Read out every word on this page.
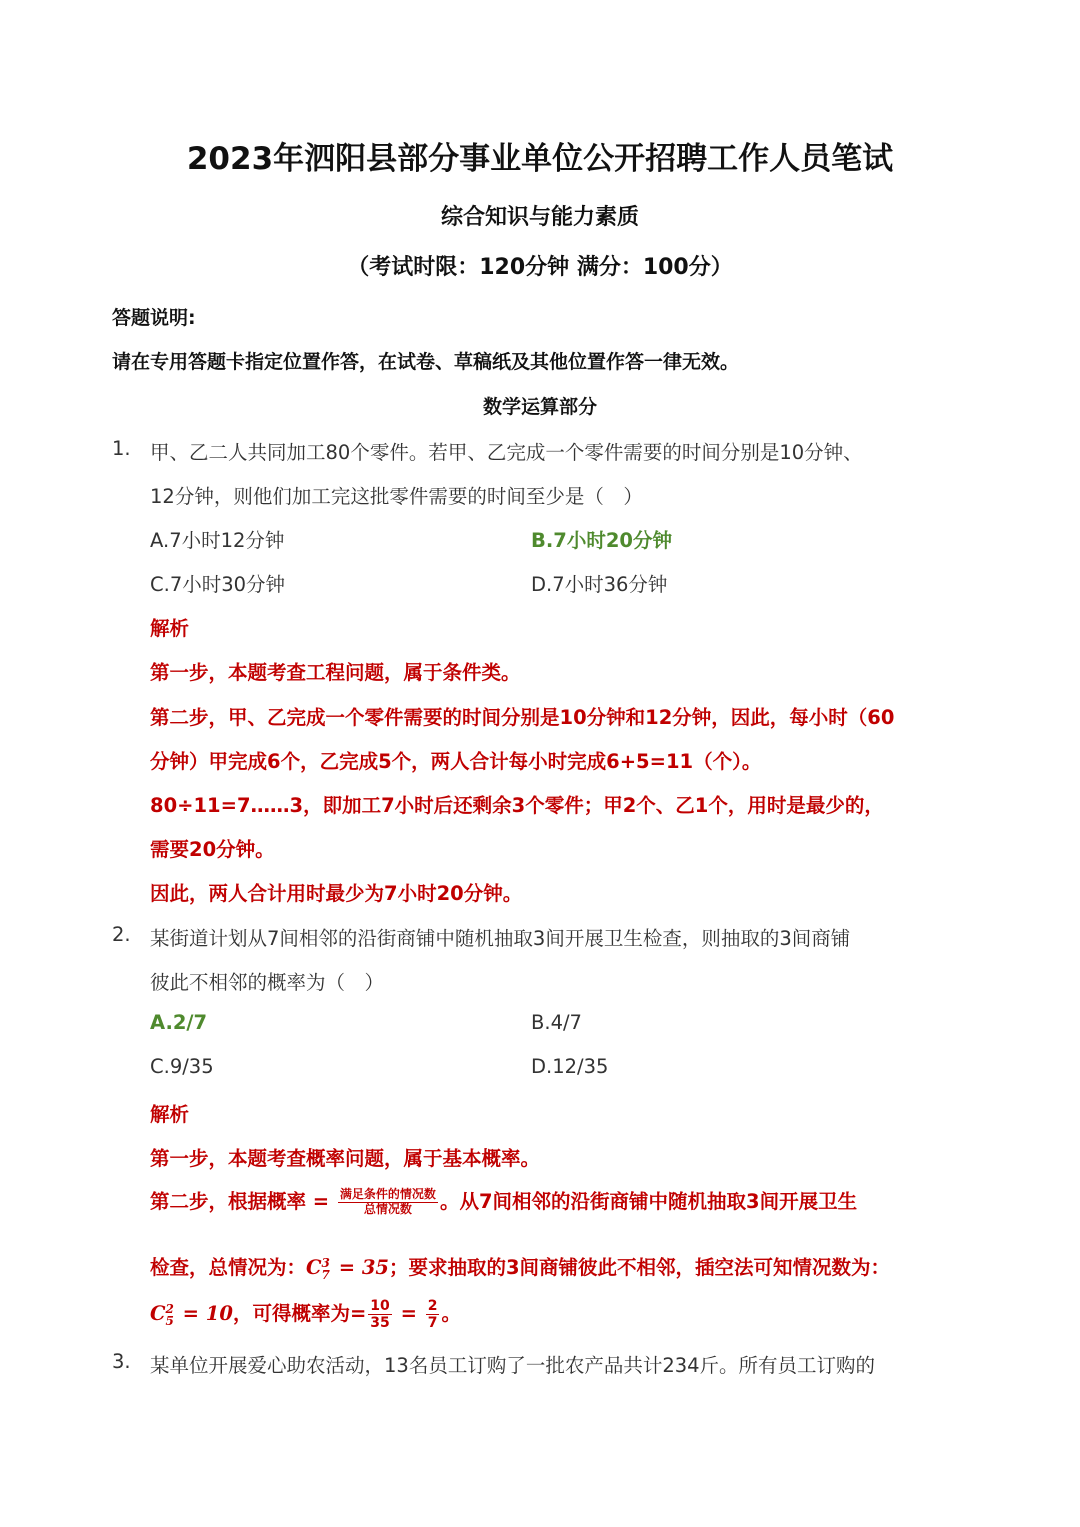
2023年泗阳县部分事业单位公开招聘工作人员笔试
综合知识与能力素质
（考试时限：120分钟 满分：100分）
答题说明:
请在专用答题卡指定位置作答，在试卷、草稿纸及其他位置作答一律无效。
数学运算部分
1. 甲、乙二人共同加工80个零件。若甲、乙完成一个零件需要的时间分别是10分钟、
12分钟，则他们加工完这批零件需要的时间至少是（　）
A.7小时12分钟	B.7小时20分钟
C.7小时30分钟	D.7小时36分钟
解析
第一步，本题考查工程问题，属于条件类。
第二步，甲、乙完成一个零件需要的时间分别是10分钟和12分钟，因此，每小时（60
分钟）甲完成6个，乙完成5个，两人合计每小时完成6+5=11（个）。
80÷11=7……3，即加工7小时后还剩余3个零件；甲2个、乙1个，用时是最少的，
需要20分钟。
因此，两人合计用时最少为7小时20分钟。
2. 某街道计划从7间相邻的沿街商铺中随机抽取3间开展卫生检查，则抽取的3间商铺
彼此不相邻的概率为（　）
A.2/7	B.4/7
C.9/35	D.12/35
解析
第一步，本题考查概率问题，属于基本概率。
第二步，根据概率 = $\frac{\text{满足条件的情况数}}{\text{总情况数}}$ 。从7间相邻的沿街商铺中随机抽取3间开展卫生
检查，总情况为：C 3
7 = 35；要求抽取的3间商铺彼此不相邻，插空法可知情况数为：
C 2
5 = 10，可得概率为= $\frac{10}{35} = \frac{2}{7}$ 。
3. 某单位开展爱心助农活动，13名员工订购了一批农产品共计234斤。所有员工订购的
